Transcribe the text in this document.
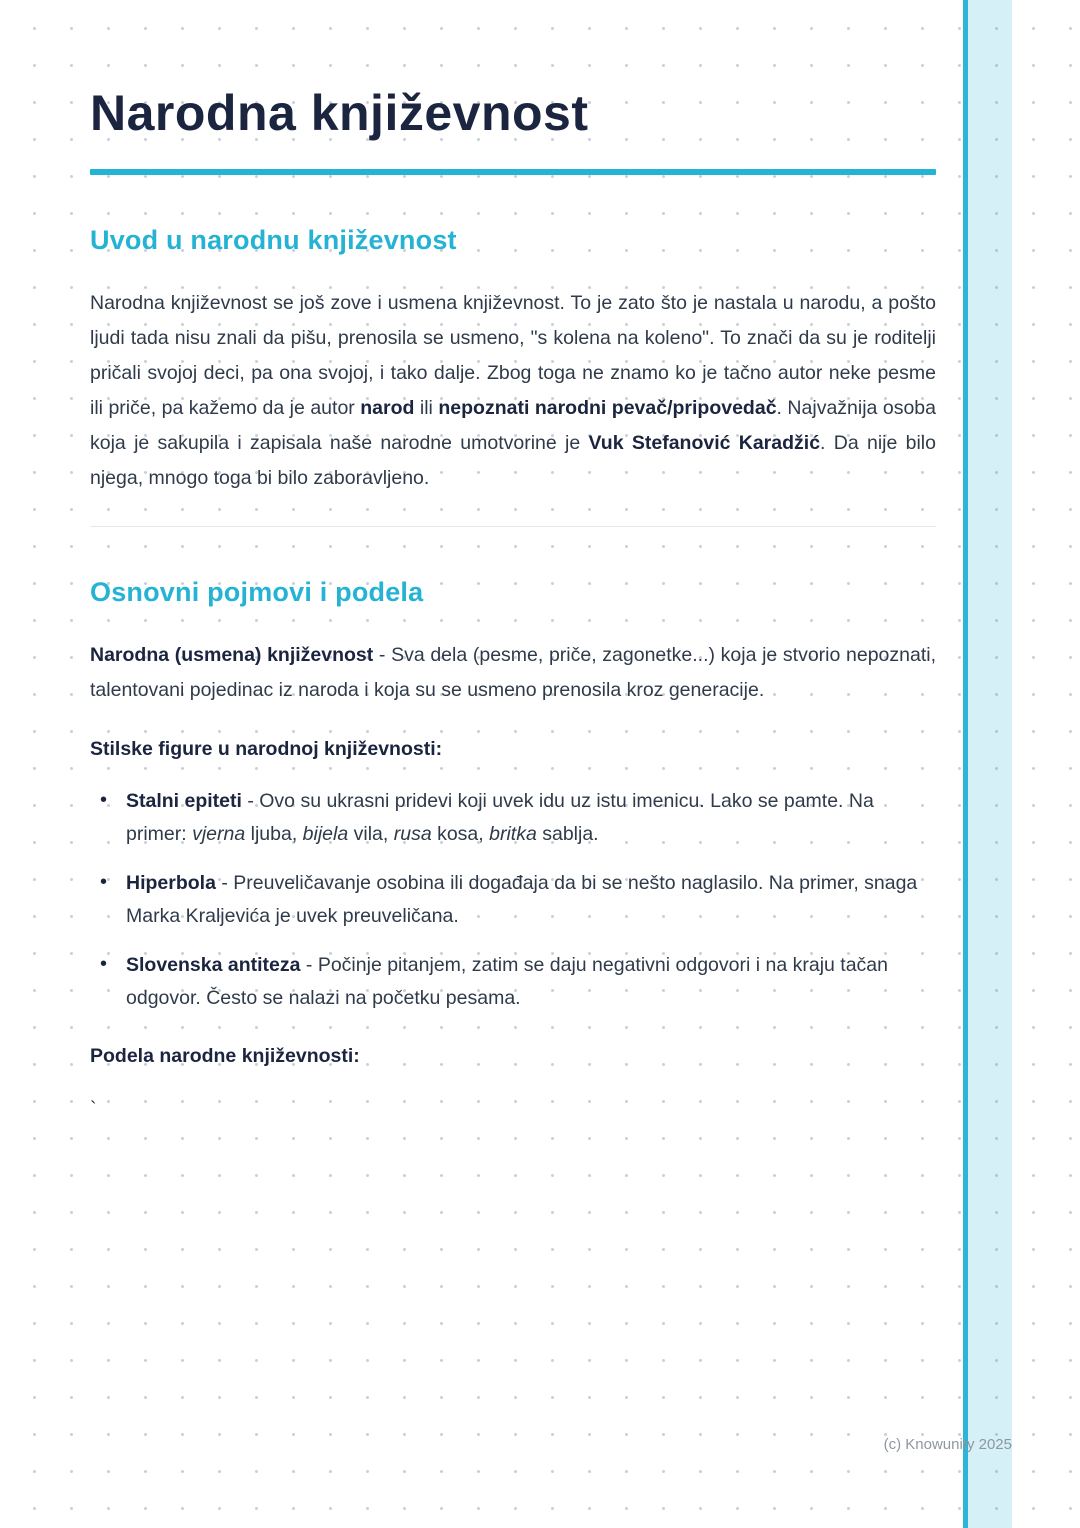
Narodna književnost
Uvod u narodnu književnost

Narodna književnost se još zove i usmena književnost. To je zato što je nastala u narodu, a pošto ljudi tada nisu znali da pišu, prenosila se usmeno, "s kolena na koleno". To znači da su je roditelji pričali svojoj deci, pa ona svojoj, i tako dalje. Zbog toga ne znamo ko je tačno autor neke pesme ili priče, pa kažemo da je autor narod ili nepoznati narodni pevač/pripovedač. Najvažnija osoba koja je sakupila i zapisala naše narodne umotvorine je Vuk Stefanović Karadžić. Da nije bilo njega, mnogo toga bi bilo zaboravljeno.

Osnovni pojmovi i podela

Narodna (usmena) književnost - Sva dela (pesme, priče, zagonetke...) koja je stvorio nepoznati, talentovani pojedinac iz naroda i koja su se usmeno prenosila kroz generacije.

Stilske figure u narodnoj književnosti:

• Stalni epiteti - Ovo su ukrasni pridevi koji uvek idu uz istu imenicu. Lako se pamte. Na primer: vjerna ljuba, bijela vila, rusa kosa, britka sablja.
• Hiperbola - Preuveličavanje osobina ili događaja da bi se nešto naglasilo. Na primer, snaga Marka Kraljevića je uvek preuveličana.
• Slovenska antiteza - Počinje pitanjem, zatim se daju negativni odgovori i na kraju tačan odgovor. Često se nalazi na početku pesama.

Podela narodne književnosti:

`

(c) Knowunity 2025
